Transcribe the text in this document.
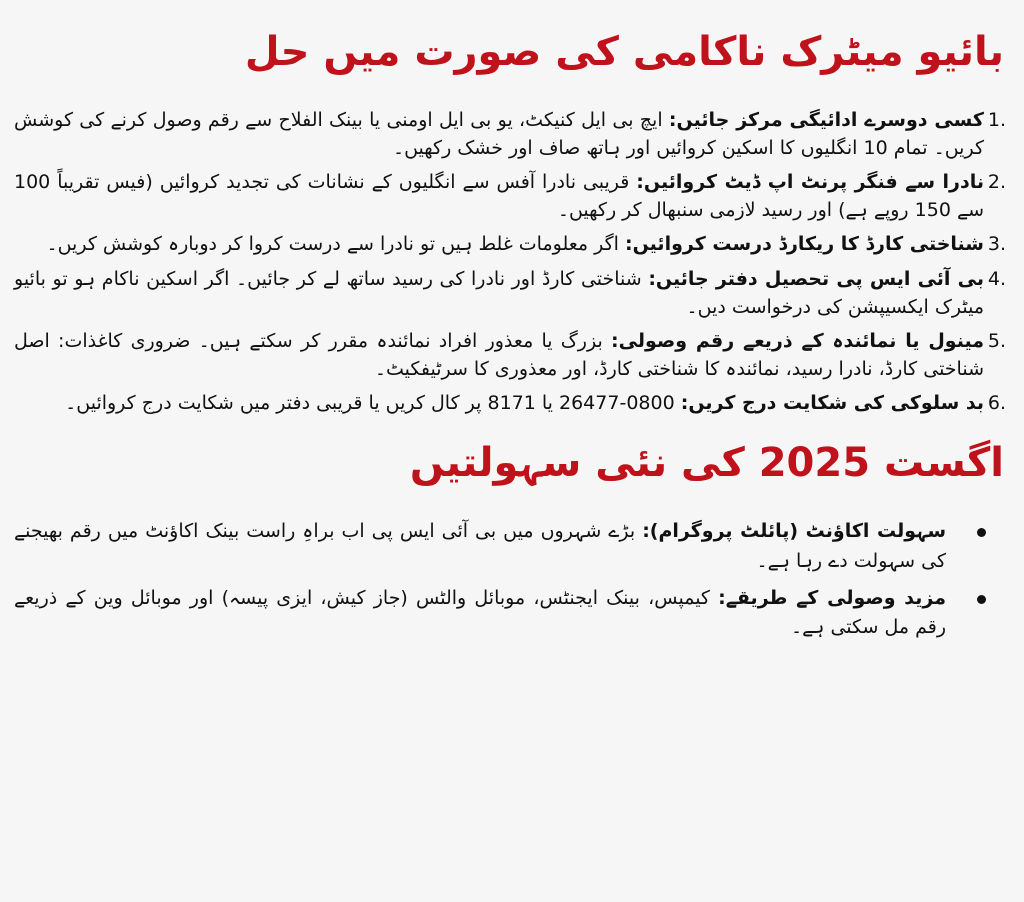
بائیو میٹرک ناکامی کی صورت میں حل
1.
کسی دوسرے ادائیگی مرکز جائیں: ایچ بی ایل کنیکٹ، یو بی ایل اومنی یا بینک الفلاح سے رقم وصول کرنے کی کوشش کریں۔ تمام 10 انگلیوں کا اسکین کروائیں اور ہاتھ صاف اور خشک رکھیں۔
2.
نادرا سے فنگر پرنٹ اپ ڈیٹ کروائیں: قریبی نادرا آفس سے انگلیوں کے نشانات کی تجدید کروائیں (فیس تقریباً 100 سے 150 روپے ہے) اور رسید لازمی سنبھال کر رکھیں۔
3.
شناختی کارڈ کا ریکارڈ درست کروائیں: اگر معلومات غلط ہیں تو نادرا سے درست کروا کر دوبارہ کوشش کریں۔
4.
بی آئی ایس پی تحصیل دفتر جائیں: شناختی کارڈ اور نادرا کی رسید ساتھ لے کر جائیں۔ اگر اسکین ناکام ہو تو بائیو میٹرک ایکسیپشن کی درخواست دیں۔
5.
مینول یا نمائندہ کے ذریعے رقم وصولی: بزرگ یا معذور افراد نمائندہ مقرر کر سکتے ہیں۔ ضروری کاغذات: اصل شناختی کارڈ، نادرا رسید، نمائندہ کا شناختی کارڈ، اور معذوری کا سرٹیفکیٹ۔
6.
بد سلوکی کی شکایت درج کریں: 0800-26477 یا 8171 پر کال کریں یا قریبی دفتر میں شکایت درج کروائیں۔
اگست 2025 کی نئی سہولتیں
سہولت اکاؤنٹ (پائلٹ پروگرام): بڑے شہروں میں بی آئی ایس پی اب براہِ راست بینک اکاؤنٹ میں رقم بھیجنے کی سہولت دے رہا ہے۔
مزید وصولی کے طریقے: کیمپس، بینک ایجنٹس، موبائل والٹس (جاز کیش، ایزی پیسہ) اور موبائل وین کے ذریعے رقم مل سکتی ہے۔
